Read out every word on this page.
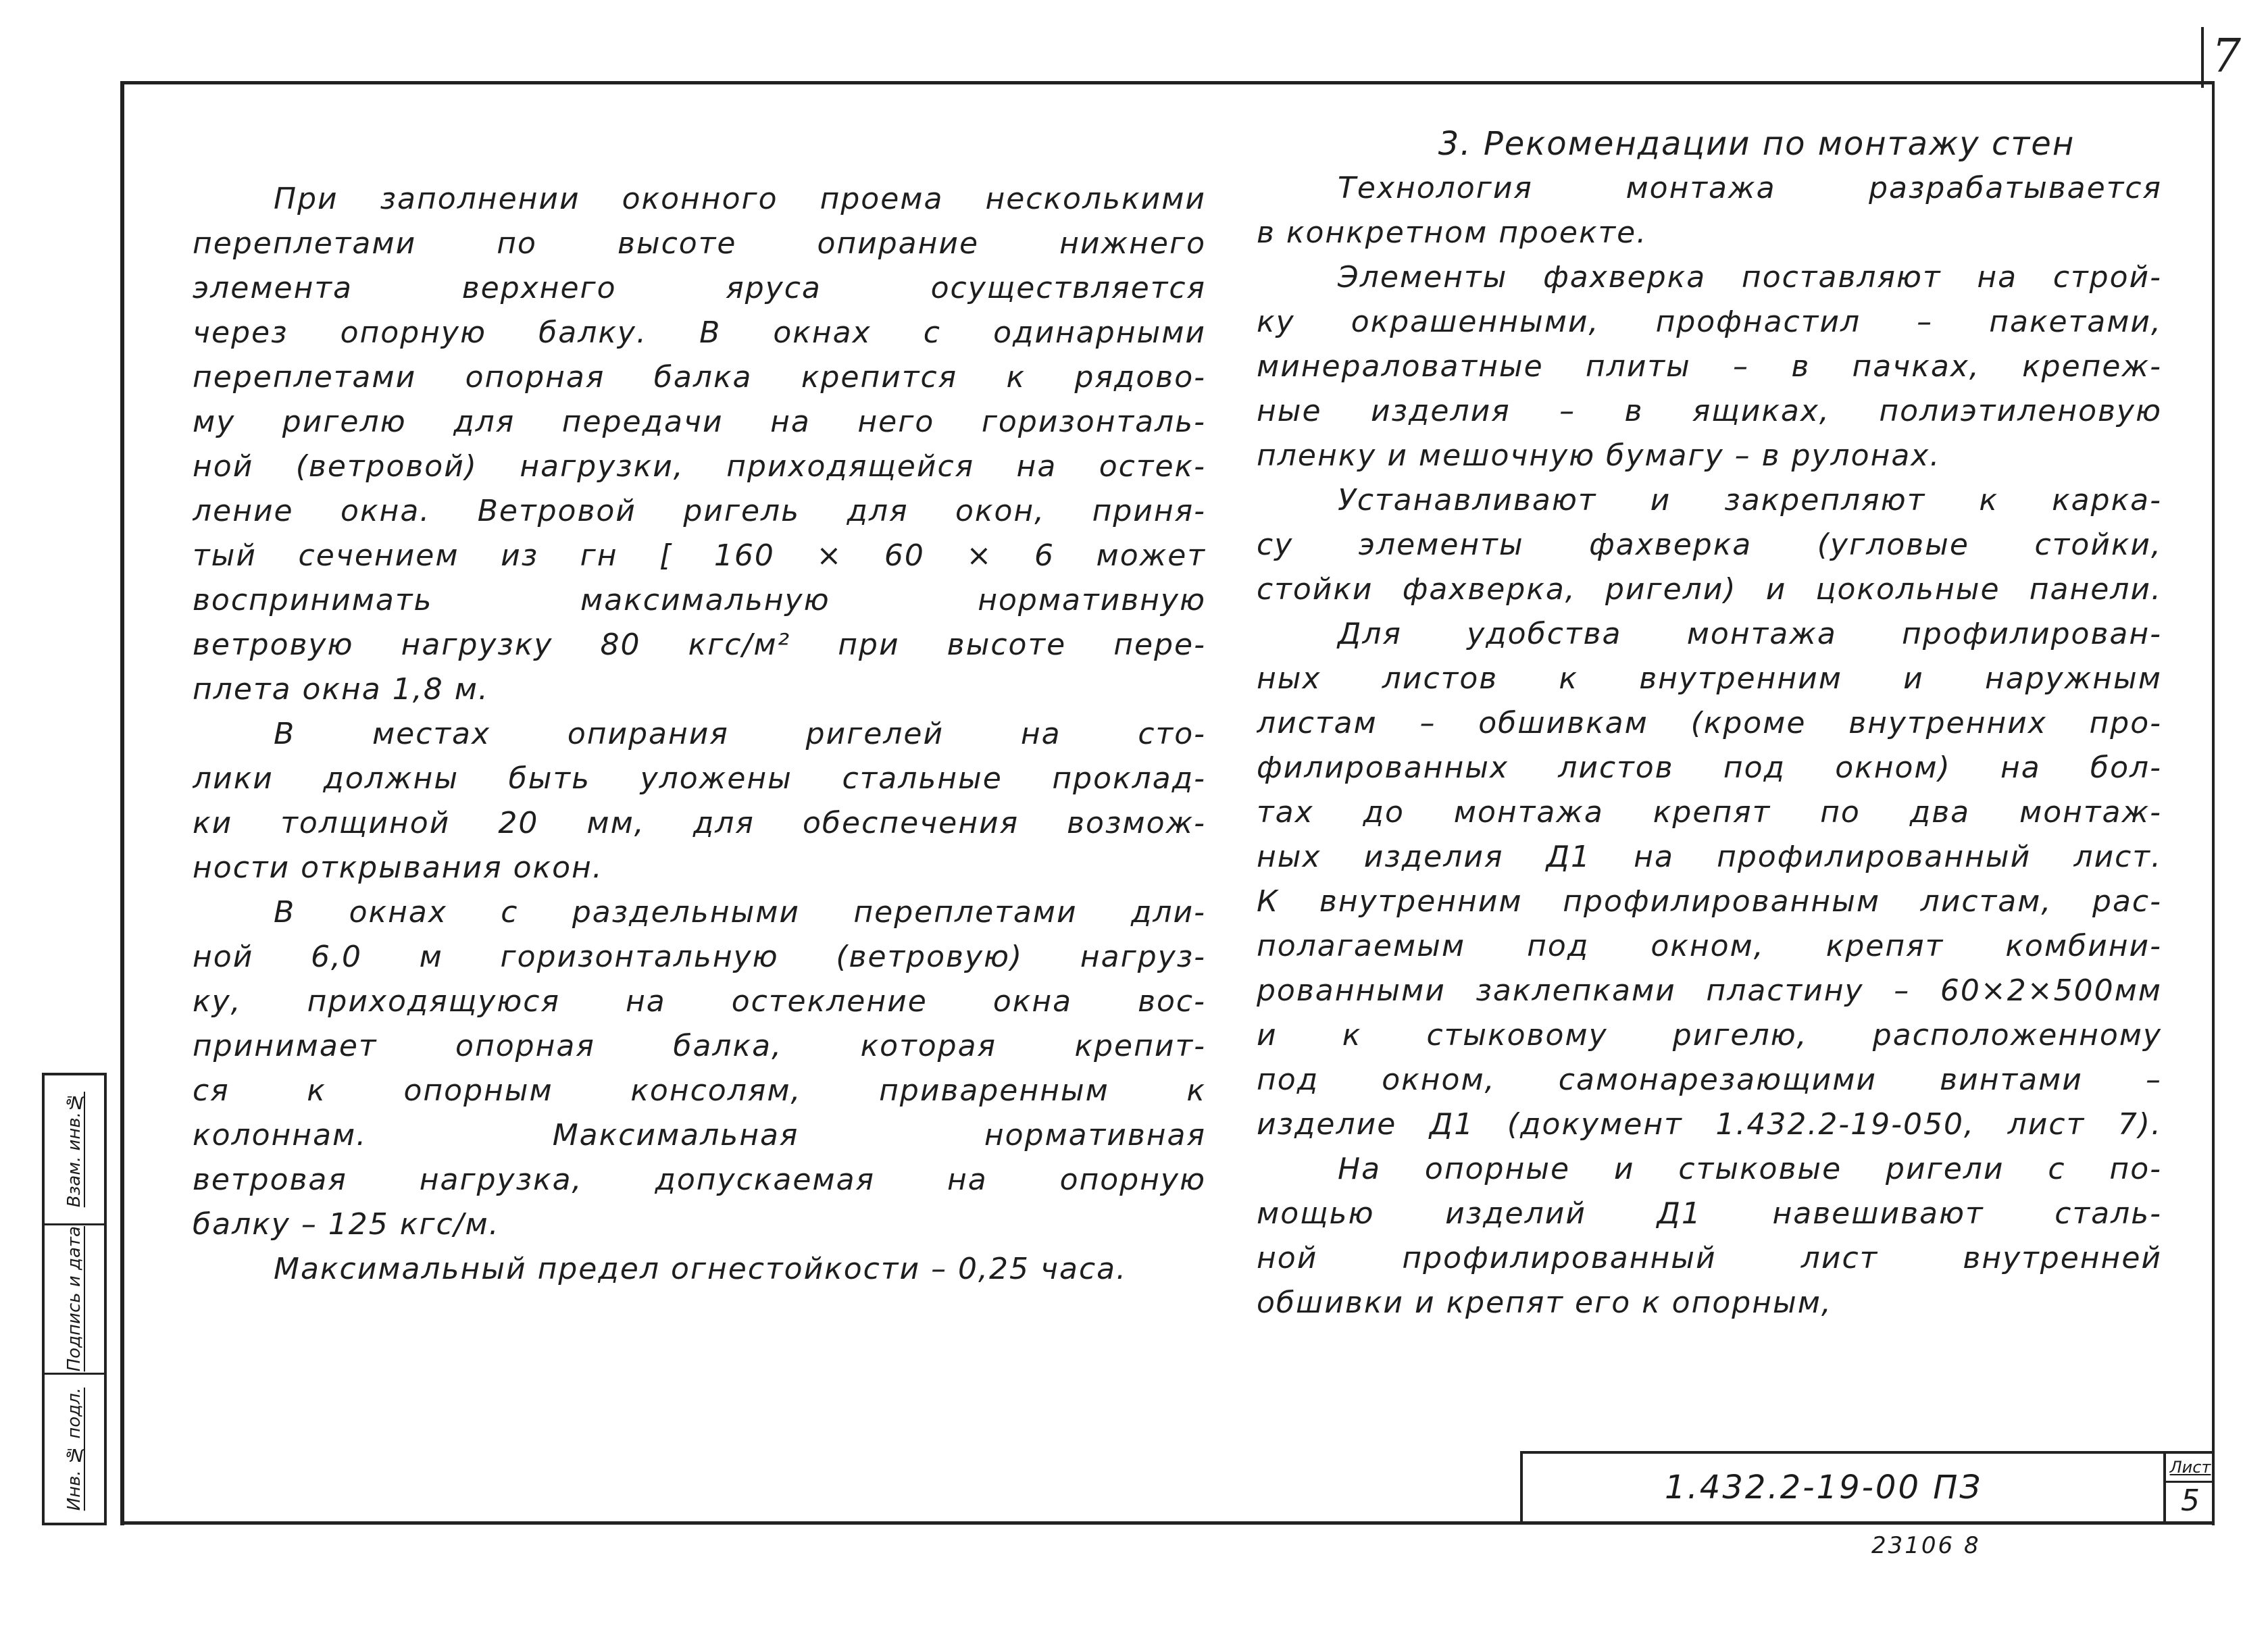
7
Взам. инв.№
Подпись и дата
Инв. № подл.
При заполнении оконного проема несколькими
переплетами по высоте опирание нижнего
элемента верхнего яруса осуществляется
через опорную балку. В окнах с одинарными
переплетами опорная балка крепится к рядово-
му ригелю для передачи на него горизонталь-
ной (ветровой) нагрузки, приходящейся на остек-
ление окна. Ветровой ригель для окон, приня-
тый сечением из гн [ 160 × 60 × 6 может
воспринимать максимальную нормативную
ветровую нагрузку 80 кгс/м² при высоте пере-
плета окна 1,8 м.
В местах опирания ригелей на сто-
лики должны быть уложены стальные проклад-
ки толщиной 20 мм, для обеспечения возмож-
ности открывания окон.
В окнах с раздельными переплетами дли-
ной 6,0 м горизонтальную (ветровую) нагруз-
ку, приходящуюся на остекление окна вос-
принимает опорная балка, которая крепит-
ся к опорным консолям, приваренным к
колоннам. Максимальная нормативная
ветровая нагрузка, допускаемая на опорную
балку – 125 кгс/м.
Максимальный предел огнестойкости – 0,25 часа.
3. Рекомендации по монтажу стен
Технология монтажа разрабатывается
в конкретном проекте.
Элементы фахверка поставляют на строй-
ку окрашенными, профнастил – пакетами,
минераловатные плиты – в пачках, крепеж-
ные изделия – в ящиках, полиэтиленовую
пленку и мешочную бумагу – в рулонах.
Устанавливают и закрепляют к карка-
су элементы фахверка (угловые стойки,
стойки фахверка, ригели) и цокольные панели.
Для удобства монтажа профилирован-
ных листов к внутренним и наружным
листам – обшивкам (кроме внутренних про-
филированных листов под окном) на бол-
тах до монтажа крепят по два монтаж-
ных изделия Д1 на профилированный лист.
К внутренним профилированным листам, рас-
полагаемым под окном, крепят комбини-
рованными заклепками пластину – 60×2×500мм
и к стыковому ригелю, расположенному
под окном, самонарезающими винтами –
изделие Д1 (документ 1.432.2-19-050, лист 7).
На опорные и стыковые ригели с по-
мощью изделий Д1 навешивают сталь-
ной профилированный лист внутренней
обшивки и крепят его к опорным,
1.432.2-19-00 ПЗ
Лист
5
23106 8
